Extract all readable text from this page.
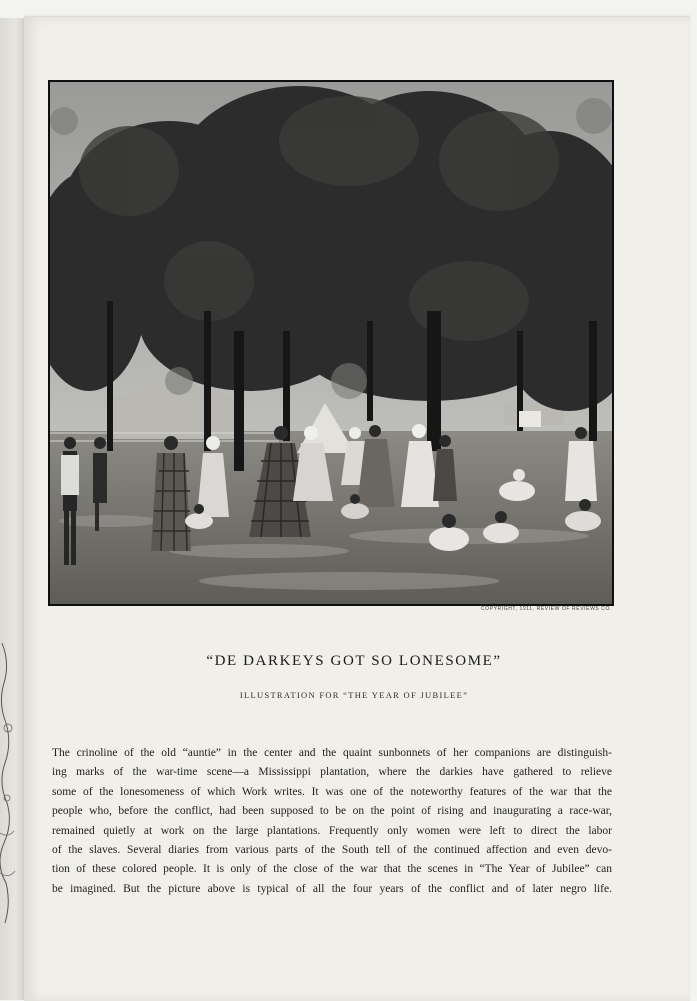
COPYRIGHT, 1911, REVIEW OF REVIEWS CO.
“DE DARKEYS GOT SO LONESOME”
ILLUSTRATION FOR “THE YEAR OF JUBILEE”
The crinoline of the old “auntie” in the center and the quaint sunbonnets of her companions are distinguish-
ing marks of the war-time scene—a Mississippi plantation, where the darkies have gathered to relieve
some of the lonesomeness of which Work writes. It was one of the noteworthy features of the war that the
people who, before the conflict, had been supposed to be on the point of rising and inaugurating a race-war,
remained quietly at work on the large plantations. Frequently only women were left to direct the labor
of the slaves. Several diaries from various parts of the South tell of the continued affection and even devo-
tion of these colored people. It is only of the close of the war that the scenes in “The Year of Jubilee” can
be imagined. But the picture above is typical of all the four years of the conflict and of later negro life.
